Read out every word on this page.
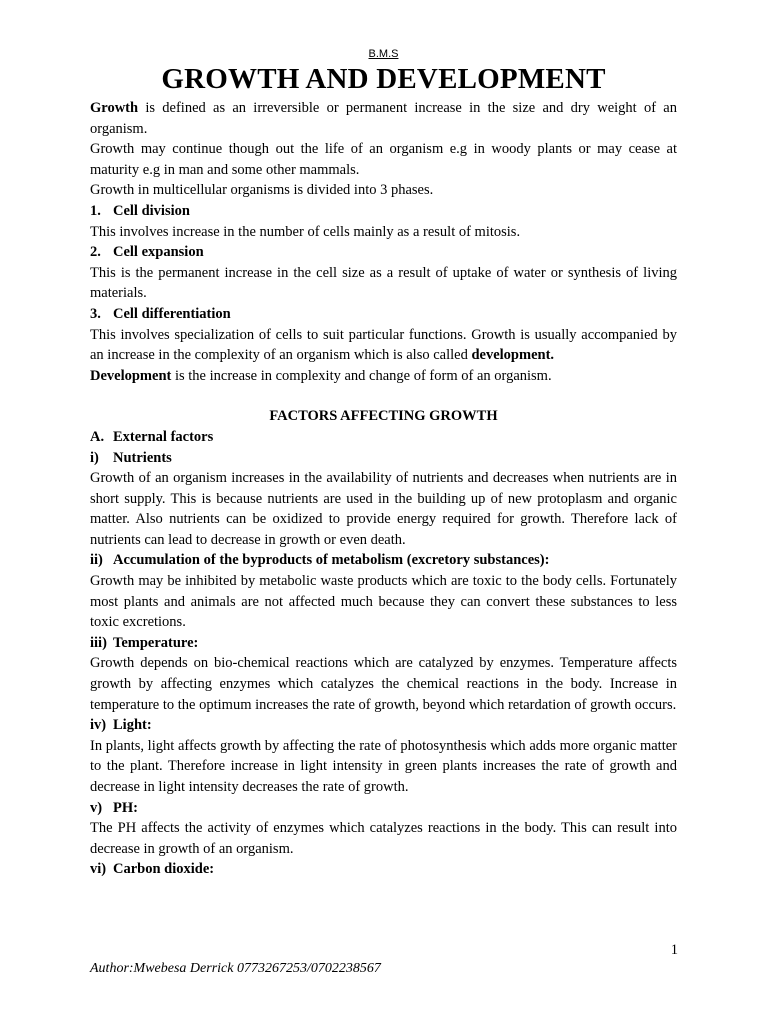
B.M.S
GROWTH AND DEVELOPMENT

Growth is defined as an irreversible or permanent increase in the size and dry weight of an organism.

Growth may continue though out the life of an organism e.g in woody plants or may cease at maturity e.g in man and some other mammals.

Growth in multicellular organisms is divided into 3 phases.

1. Cell division

This involves increase in the number of cells mainly as a result of mitosis.

2. Cell expansion

This is the permanent increase in the cell size as a result of uptake of water or synthesis of living materials.

3. Cell differentiation

This involves specialization of cells to suit particular functions. Growth is usually accompanied by an increase in the complexity of an organism which is also called development.

Development is the increase in complexity and change of form of an organism.

FACTORS AFFECTING GROWTH
A. External factors
i) Nutrients

Growth of an organism increases in the availability of nutrients and decreases when nutrients are in short supply. This is because nutrients are used in the building up of new protoplasm and organic matter. Also nutrients can be oxidized to provide energy required for growth. Therefore lack of nutrients can lead to decrease in growth or even death.

ii) Accumulation of the byproducts of metabolism (excretory substances):

Growth may be inhibited by metabolic waste products which are toxic to the body cells. Fortunately most plants and animals are not affected much because they can convert these substances to less toxic excretions.

iii) Temperature:

Growth depends on bio-chemical reactions which are catalyzed by enzymes. Temperature affects growth by affecting enzymes which catalyzes the chemical reactions in the body. Increase in temperature to the optimum increases the rate of growth, beyond which retardation of growth occurs.

iv) Light:

In plants, light affects growth by affecting the rate of photosynthesis which adds more organic matter to the plant. Therefore increase in light intensity in green plants increases the rate of growth and decrease in light intensity decreases the rate of growth.

v) PH:

The PH affects the activity of enzymes which catalyzes reactions in the body. This can result into decrease in growth of an organism.

vi) Carbon dioxide:
1
Author:Mwebesa Derrick 0773267253/0702238567
